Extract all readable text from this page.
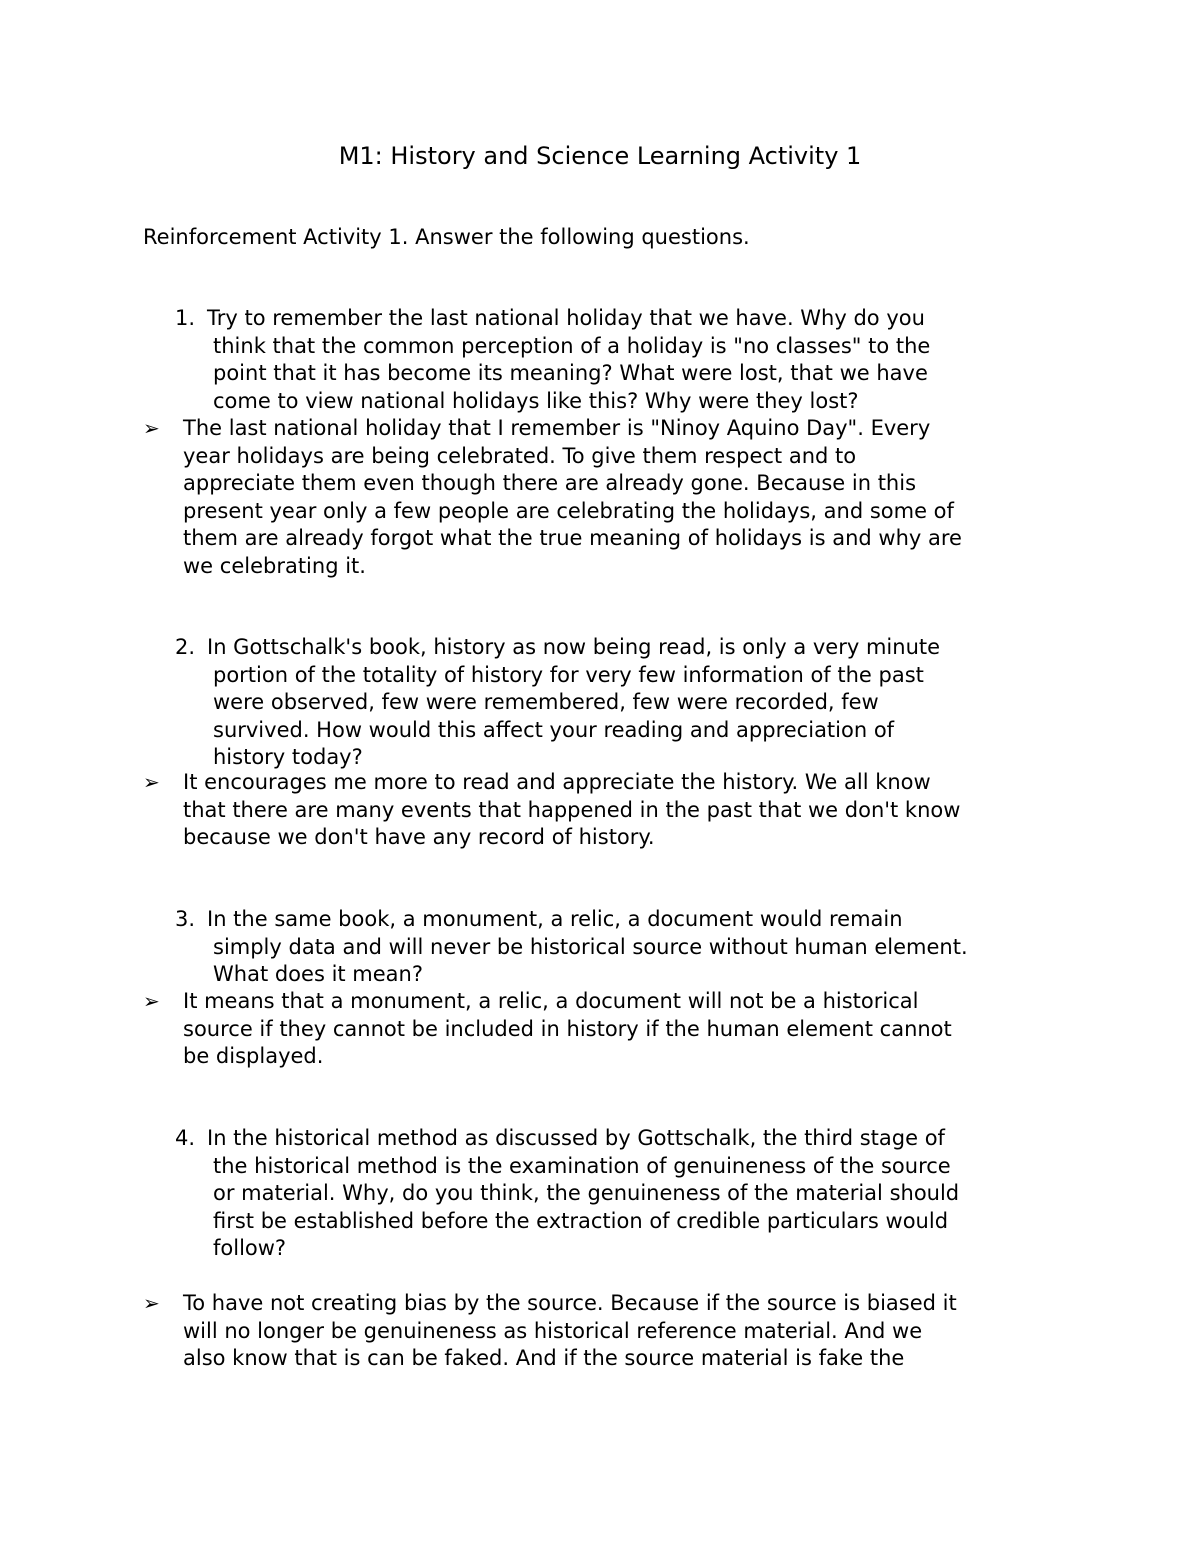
M1: History and Science Learning Activity 1
Reinforcement Activity 1. Answer the following questions.
1. Try to remember the last national holiday that we have. Why do you
think that the common perception of a holiday is "no classes" to the
point that it has become its meaning? What were lost, that we have
come to view national holidays like this? Why were they lost?
➢	The last national holiday that I remember is "Ninoy Aquino Day". Every
year holidays are being celebrated. To give them respect and to
appreciate them even though there are already gone. Because in this
present year only a few people are celebrating the holidays, and some of
them are already forgot what the true meaning of holidays is and why are
we celebrating it.
2. In Gottschalk's book, history as now being read, is only a very minute
portion of the totality of history for very few information of the past
were observed, few were remembered, few were recorded, few
survived. How would this affect your reading and appreciation of
history today?
➢	It encourages me more to read and appreciate the history. We all know
that there are many events that happened in the past that we don't know
because we don't have any record of history.
3. In the same book, a monument, a relic, a document would remain
simply data and will never be historical source without human element.
What does it mean?
➢	It means that a monument, a relic, a document will not be a historical
source if they cannot be included in history if the human element cannot
be displayed.
4. In the historical method as discussed by Gottschalk, the third stage of
the historical method is the examination of genuineness of the source
or material. Why, do you think, the genuineness of the material should
first be established before the extraction of credible particulars would
follow?
➢	To have not creating bias by the source. Because if the source is biased it
will no longer be genuineness as historical reference material. And we
also know that is can be faked. And if the source material is fake the
